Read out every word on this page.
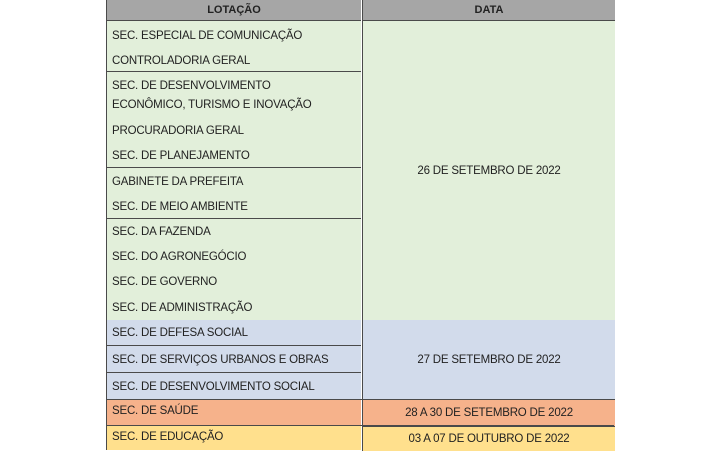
LOTAÇÃO	DATA
26 DE SETEMBRO DE 2022
27 DE SETEMBRO DE 2022
28 A 30 DE SETEMBRO DE 2022
03 A 07 DE OUTUBRO DE 2022
SEC. ESPECIAL DE COMUNICAÇÃO
CONTROLADORIA GERAL
SEC. DE DESENVOLVIMENTO
ECONÔMICO, TURISMO E INOVAÇÃO
PROCURADORIA GERAL
SEC. DE PLANEJAMENTO
GABINETE DA PREFEITA
SEC. DE MEIO AMBIENTE
SEC. DA FAZENDA
SEC. DO AGRONEGÓCIO
SEC. DE GOVERNO
SEC. DE ADMINISTRAÇÃO
SEC. DE DEFESA SOCIAL
SEC. DE SERVIÇOS URBANOS E OBRAS
SEC. DE DESENVOLVIMENTO SOCIAL
SEC. DE SAÚDE
SEC. DE EDUCAÇÃO
